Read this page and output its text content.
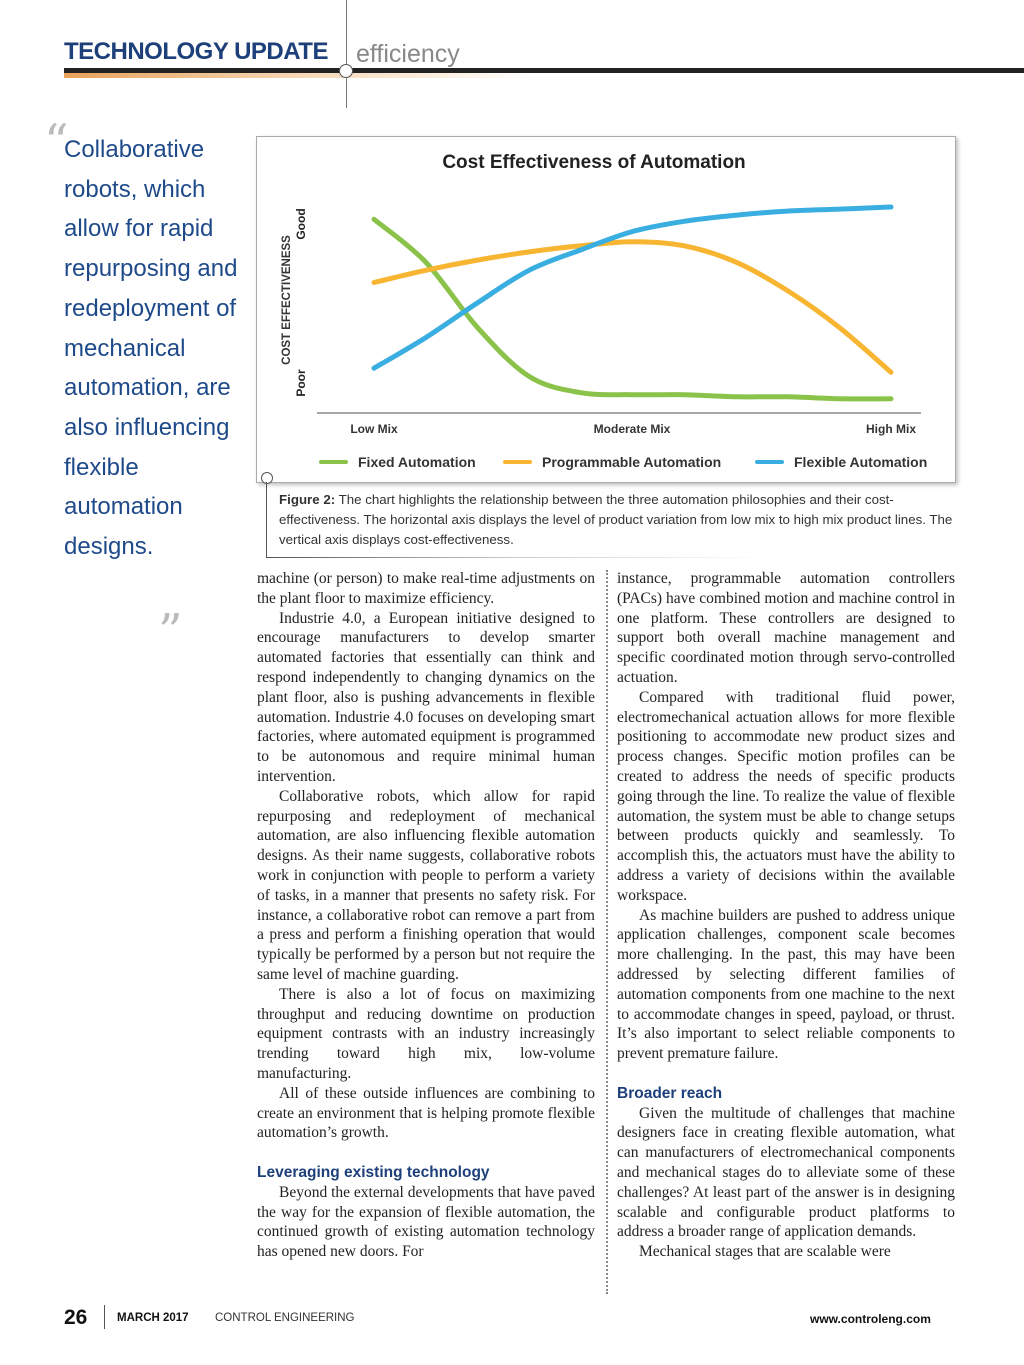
TECHNOLOGY UPDATE efficiency
“
Collaborative robots, which allow for rapid repurposing and redeployment of mechanical automation, are also influencing flexible automation designs.
”
Cost Effectiveness of Automation
COST EFFECTIVENESS
Good
Poor
Low Mix	Moderate Mix	High Mix
Fixed Automation	Programmable Automation	Flexible Automation
Figure 2: The chart highlights the relationship between the three automation philosophies and their cost-effectiveness. The horizontal axis displays the level of product variation from low mix to high mix product lines. The vertical axis displays cost-effectiveness.

machine (or person) to make real-time adjustments on the plant floor to maximize efficiency.

Industrie 4.0, a European initiative designed to encourage manufacturers to develop smarter automated factories that essentially can think and respond independently to changing dynamics on the plant floor, also is pushing advancements in flexible automation. Industrie 4.0 focuses on developing smart factories, where automated equipment is programmed to be autonomous and require minimal human intervention.

Collaborative robots, which allow for rapid repurposing and redeployment of mechanical automation, are also influencing flexible automation designs. As their name suggests, collaborative robots work in conjunction with people to perform a variety of tasks, in a manner that presents no safety risk. For instance, a collaborative robot can remove a part from a press and perform a finishing operation that would typically be performed by a person but not require the same level of machine guarding.

There is also a lot of focus on maximizing throughput and reducing downtime on production equipment contrasts with an industry increasingly trending toward high mix, low-volume manufacturing.

All of these outside influences are combining to create an environment that is helping promote flexible automation’s growth.

Leveraging existing technology

Beyond the external developments that have paved the way for the expansion of flexible automation, the continued growth of existing automation technology has opened new doors. For

instance, programmable automation controllers (PACs) have combined motion and machine control in one platform. These controllers are designed to support both overall machine management and specific coordinated motion through servo-controlled actuation.

Compared with traditional fluid power, electromechanical actuation allows for more flexible positioning to accommodate new product sizes and process changes. Specific motion profiles can be created to address the needs of specific products going through the line. To realize the value of flexible automation, the system must be able to change setups between products quickly and seamlessly. To accomplish this, the actuators must have the ability to address a variety of decisions within the available workspace.

As machine builders are pushed to address unique application challenges, component scale becomes more challenging. In the past, this may have been addressed by selecting different families of automation components from one machine to the next to accommodate changes in speed, payload, or thrust. It’s also important to select reliable components to prevent premature failure.

Broader reach

Given the multitude of challenges that machine designers face in creating flexible automation, what can manufacturers of electromechanical components and mechanical stages do to alleviate some of these challenges? At least part of the answer is in designing scalable and configurable product platforms to address a broader range of application demands.

Mechanical stages that are scalable were

26	MARCH 2017 CONTROL ENGINEERING	www.controleng.com
